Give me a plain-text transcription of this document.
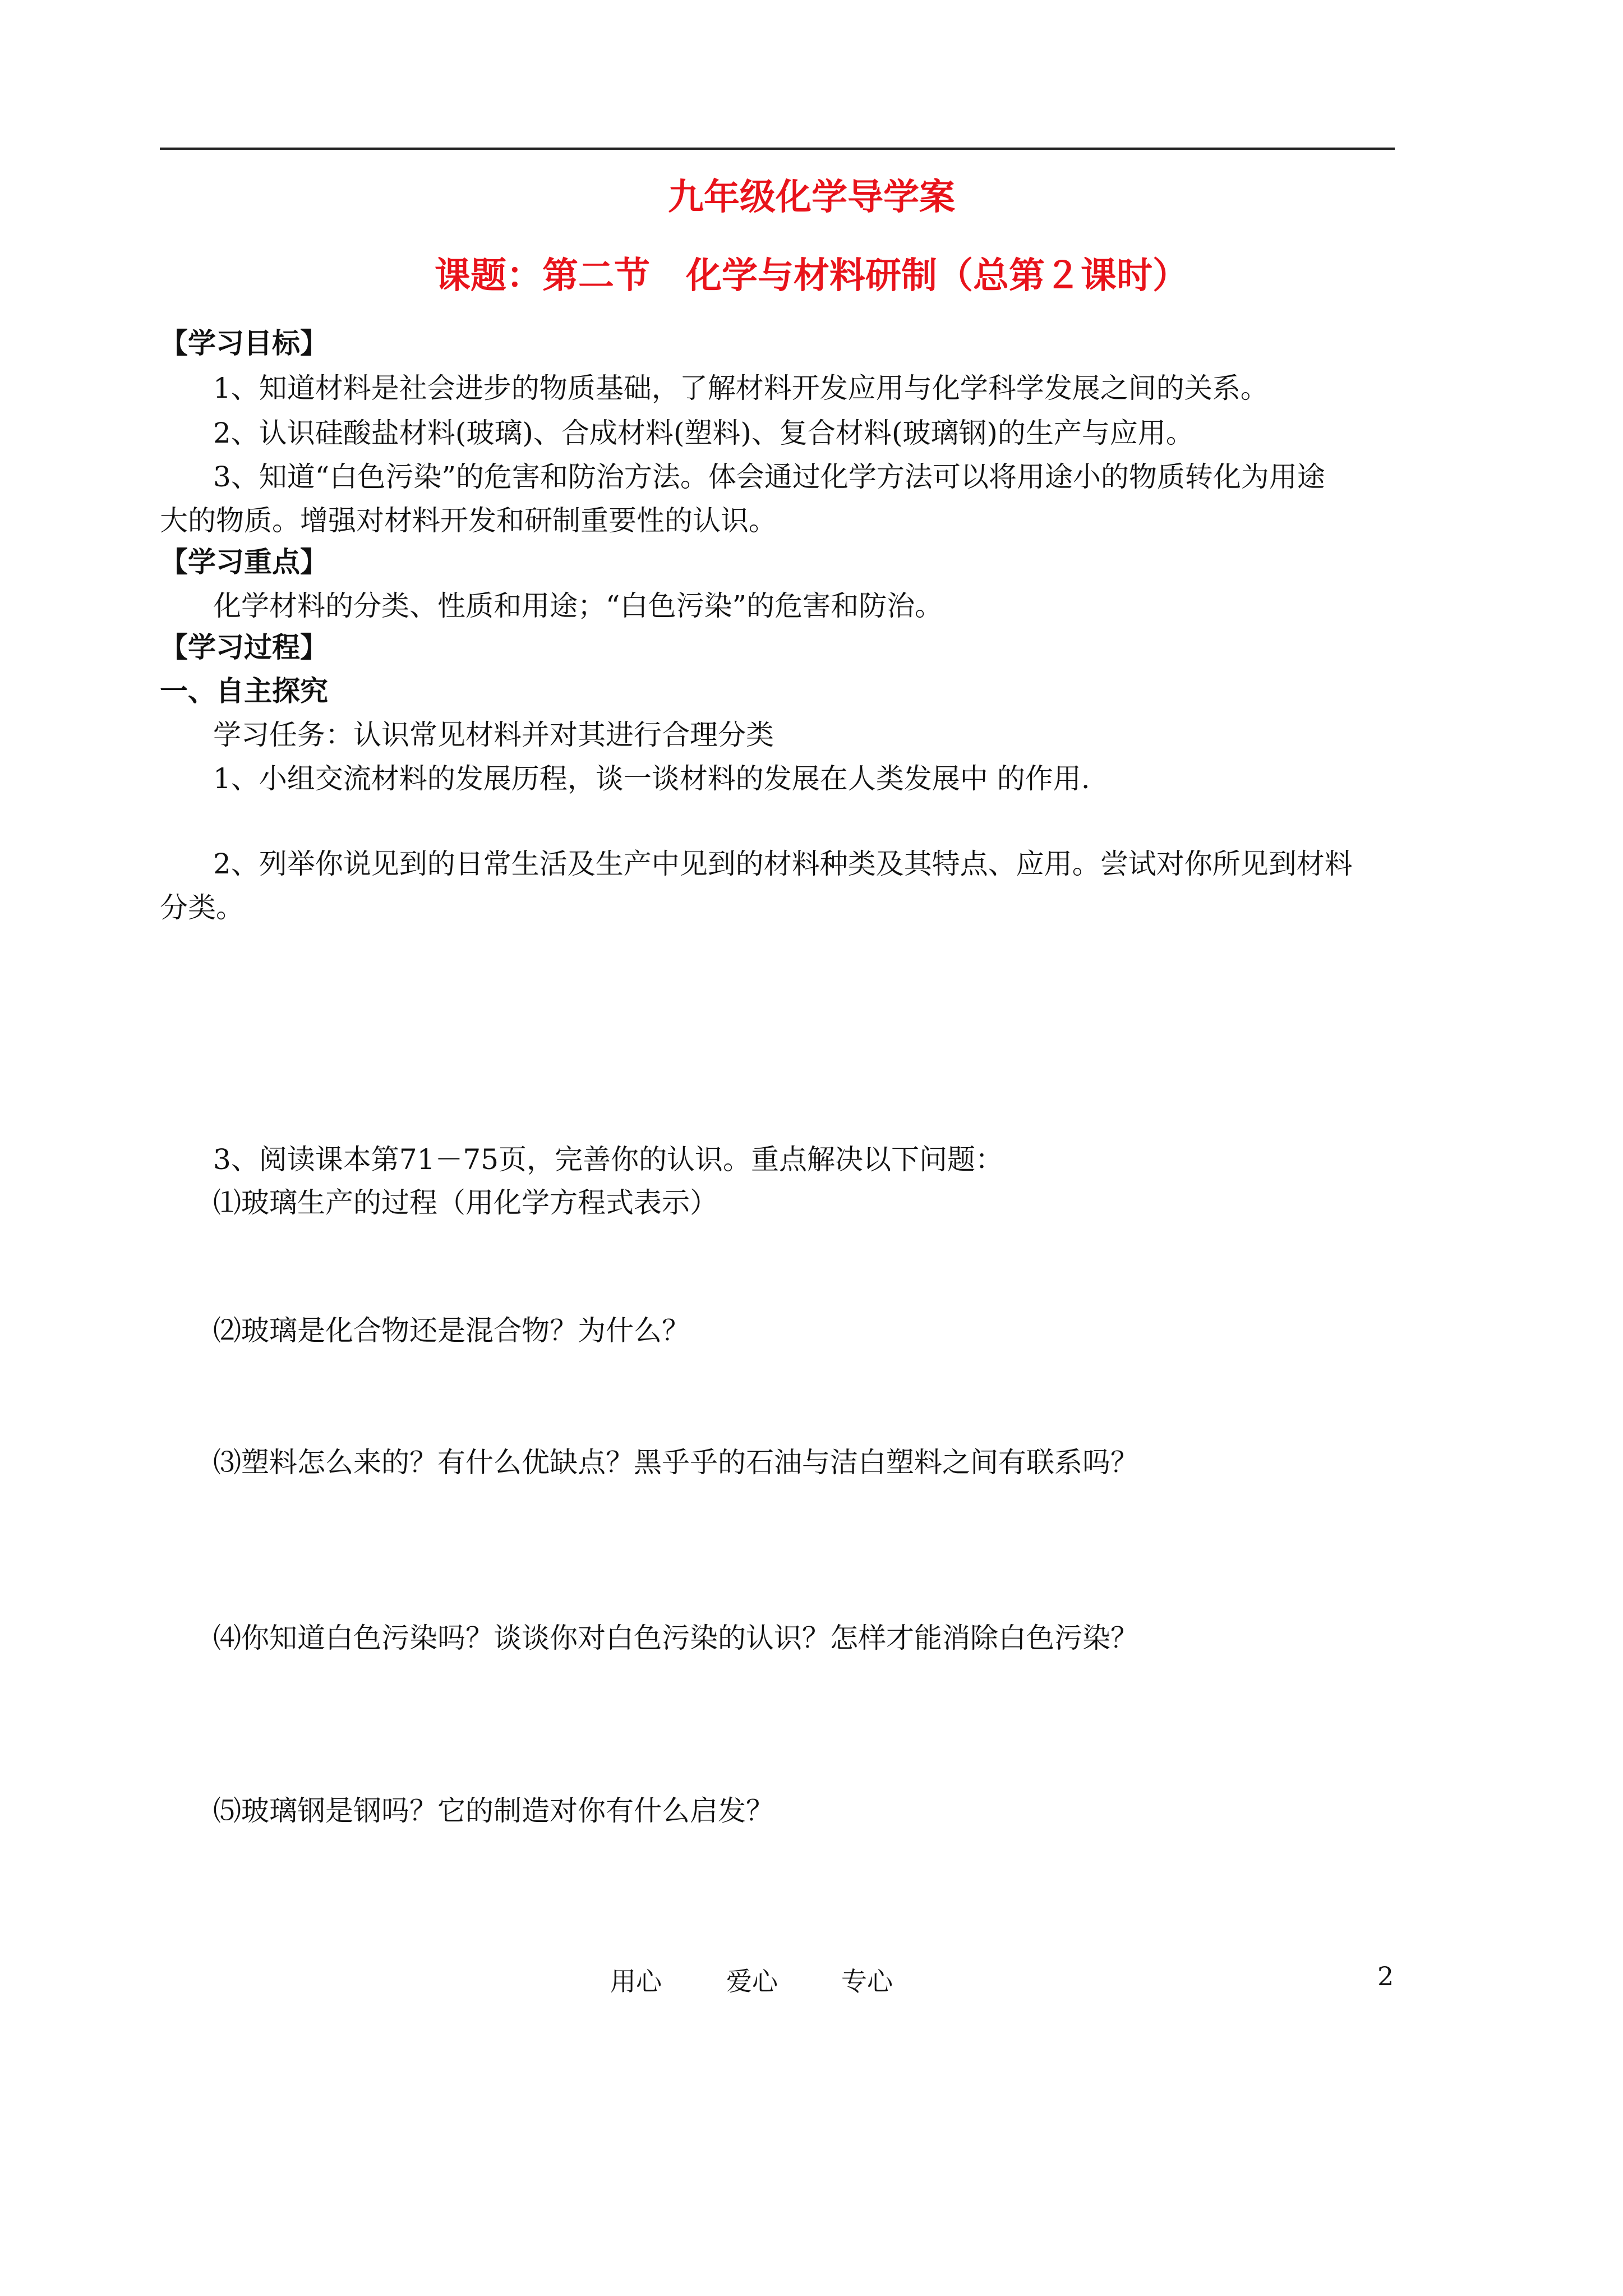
九年级化学导学案
课题：第二节　化学与材料研制（总第２课时）
【学习目标】
1、知道材料是社会进步的物质基础，了解材料开发应用与化学科学发展之间的关系。
2、认识硅酸盐材料(玻璃)、合成材料(塑料)、复合材料(玻璃钢)的生产与应用。
3、知道“白色污染”的危害和防治方法。体会通过化学方法可以将用途小的物质转化为用途
大的物质。增强对材料开发和研制重要性的认识。
【学习重点】
化学材料的分类、性质和用途；“白色污染”的危害和防治。
【学习过程】
一、自主探究
学习任务：认识常见材料并对其进行合理分类
1、小组交流材料的发展历程，谈一谈材料的发展在人类发展中 的作用.
2、列举你说见到的日常生活及生产中见到的材料种类及其特点、应用。尝试对你所见到材料
分类。
3、阅读课本第71－75页，完善你的认识。重点解决以下问题：
⑴玻璃生产的过程（用化学方程式表示）
⑵玻璃是化合物还是混合物？为什么？
⑶塑料怎么来的？有什么优缺点？黑乎乎的石油与洁白塑料之间有联系吗？
⑷你知道白色污染吗？谈谈你对白色污染的认识？怎样才能消除白色污染？
⑸玻璃钢是钢吗？它的制造对你有什么启发？
用心	爱心 专心	2
